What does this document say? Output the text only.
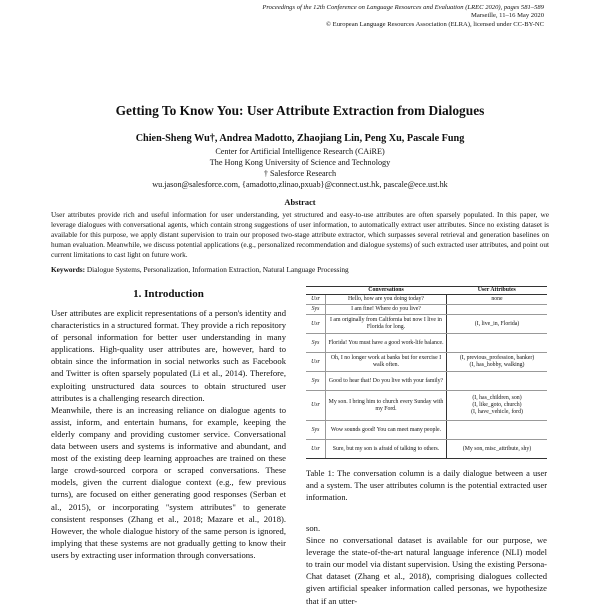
Proceedings of the 12th Conference on Language Resources and Evaluation (LREC 2020), pages 581–589
Marseille, 11–16 May 2020
© European Language Resources Association (ELRA), licensed under CC-BY-NC
Getting To Know You: User Attribute Extraction from Dialogues
Chien-Sheng Wu†, Andrea Madotto, Zhaojiang Lin, Peng Xu, Pascale Fung
Center for Artificial Intelligence Research (CAiRE)
The Hong Kong University of Science and Technology
† Salesforce Research
wu.jason@salesforce.com, {amadotto,zlinao,pxuab}@connect.ust.hk, pascale@ece.ust.hk
Abstract
User attributes provide rich and useful information for user understanding, yet structured and easy-to-use attributes are often sparsely populated. In this paper, we leverage dialogues with conversational agents, which contain strong suggestions of user information, to automatically extract user attributes. Since no existing dataset is available for this purpose, we apply distant supervision to train our proposed two-stage attribute extractor, which surpasses several retrieval and generation baselines on human evaluation. Meanwhile, we discuss potential applications (e.g., personalized recommendation and dialogue systems) of such extracted user attributes, and point out current limitations to cast light on future work.
Keywords: Dialogue Systems, Personalization, Information Extraction, Natural Language Processing
1. Introduction

User attributes are explicit representations of a person's identity and characteristics in a structured format. They provide a rich repository of personal information for better user understanding in many applications. High-quality user attributes are, however, hard to obtain since the information in social networks such as Facebook and Twitter is often sparsely populated (Li et al., 2014). Therefore, exploiting unstructured data sources to obtain structured user attributes is a challenging research direction.

Meanwhile, there is an increasing reliance on dialogue agents to assist, inform, and entertain humans, for example, keeping the elderly company and providing customer service. Conversational data between users and systems is informative and abundant, and most of the existing deep learning approaches are trained on these large crowd-sourced corpora or scraped conversations. These models, given the current dialogue context (e.g., few previous turns), are focused on either generating good responses (Serban et al., 2015), or incorporating "system attributes" to generate consistent responses (Zhang et al., 2018; Mazare et al., 2018). However, the whole dialogue history of the same person is ignored, implying that these systems are not gradually getting to know their users by extracting user information through conversations.

	Conversations	User Attributes
Usr	Hello, how are you doing today?	none
Sys	I am fine! Where do you live?	
Usr	I am originally from California but now I live in Florida for long.	(I, live_in, Florida)
Sys	Florida! You must have a good work-life balance.	
Usr	Oh, I no longer work at banks but for exercise I walk often.	(I, previous_profession, banker)
(I, has_hobby, walking)
Sys	Good to hear that! Do you live with your family?	
Usr	My son. I bring him to church every Sunday with my Ford.	(I, has_children, son)
(I, like_goto, church)
(I, have_vehicle, ford)
Sys	Wow sounds good! You can meet many people.	
Usr	Sure, but my son is afraid of talking to others.	(My son, misc_attribute, shy)
Table 1: The conversation column is a daily dialogue between a user and a system. The user attributes column is the potential extracted user information.

son.

Since no conversational dataset is available for our purpose, we leverage the state-of-the-art natural language inference (NLI) model to train our model via distant supervision. Using the existing Persona-Chat dataset (Zhang et al., 2018), comprising dialogues collected given artificial speaker information called personas, we hypothesize that if an utter-
